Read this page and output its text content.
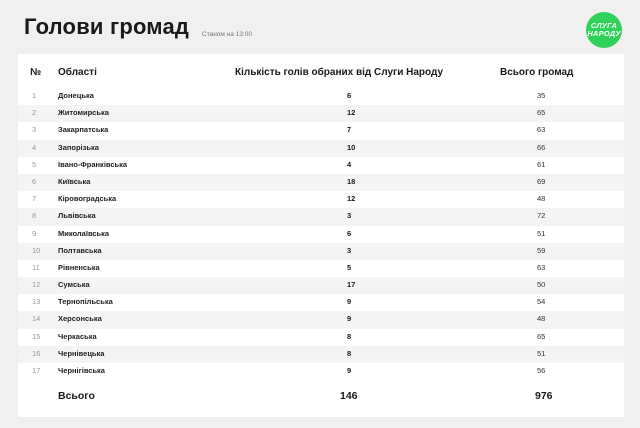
Голови громад Станом на 13:00
СЛУГА
НАРОДУ
№ Області	Кількість голів обраних від Слуги Народу	Всього громад
1	Донецька	6	35
2	Житомирська	12	65
3	Закарпатська	7	63
4	Запорізька	10	66
5	Івано-Франківська	4	61
6	Київська	18	69
7	Кіровоградська	12	48
8	Львівська	3	72
9	Миколаївська	6	51
10 Полтавська	3	59
11 Рівненська	5	63
12 Сумська	17	50
13 Тернопільська	9	54
14 Херсонська	9	48
15 Черкаська	8	65
16 Чернівецька	8	51
17 Чернігівська	9	56
Всього	146	976
